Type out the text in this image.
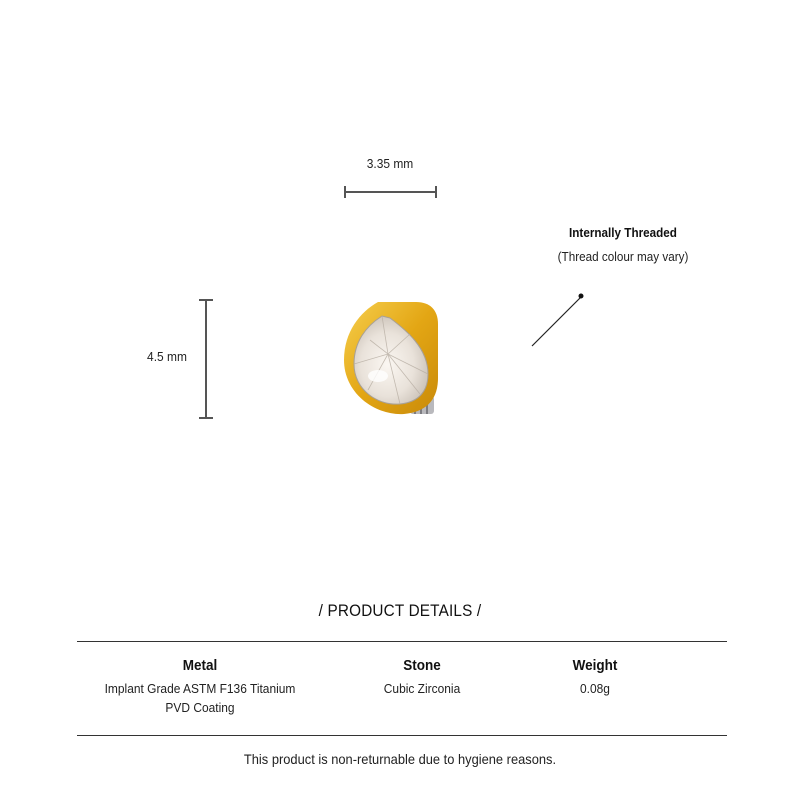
3.35 mm
4.5 mm
Internally Threaded
(Thread colour may vary)
/ PRODUCT DETAILS /
Metal
Implant Grade ASTM F136 Titanium
PVD Coating
Stone
Cubic Zirconia
Weight
0.08g
This product is non-returnable due to hygiene reasons.
